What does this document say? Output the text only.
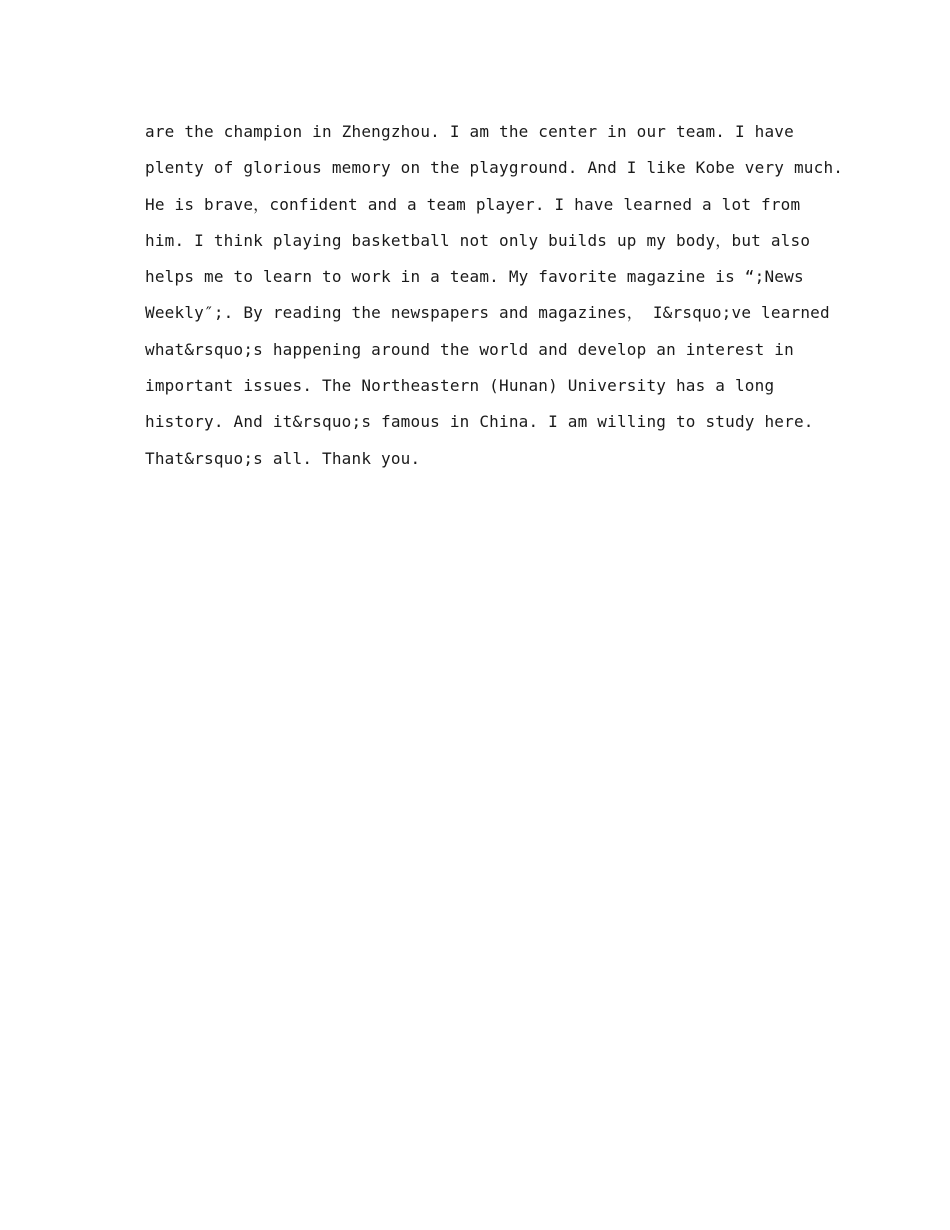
are the champion in Zhengzhou. I am the center in our team. I have
plenty of glorious memory on the playground. And I like Kobe very much.
He is brave，confident and a team player. I have learned a lot from
him. I think playing basketball not only builds up my body，but also
helps me to learn to work in a team. My favorite magazine is “;News
Weekly″;. By reading the newspapers and magazines， I&rsquo;ve learned
what&rsquo;s happening around the world and develop an interest in
important issues. The Northeastern (Hunan) University has a long
history. And it&rsquo;s famous in China. I am willing to study here.
That&rsquo;s all. Thank you.
